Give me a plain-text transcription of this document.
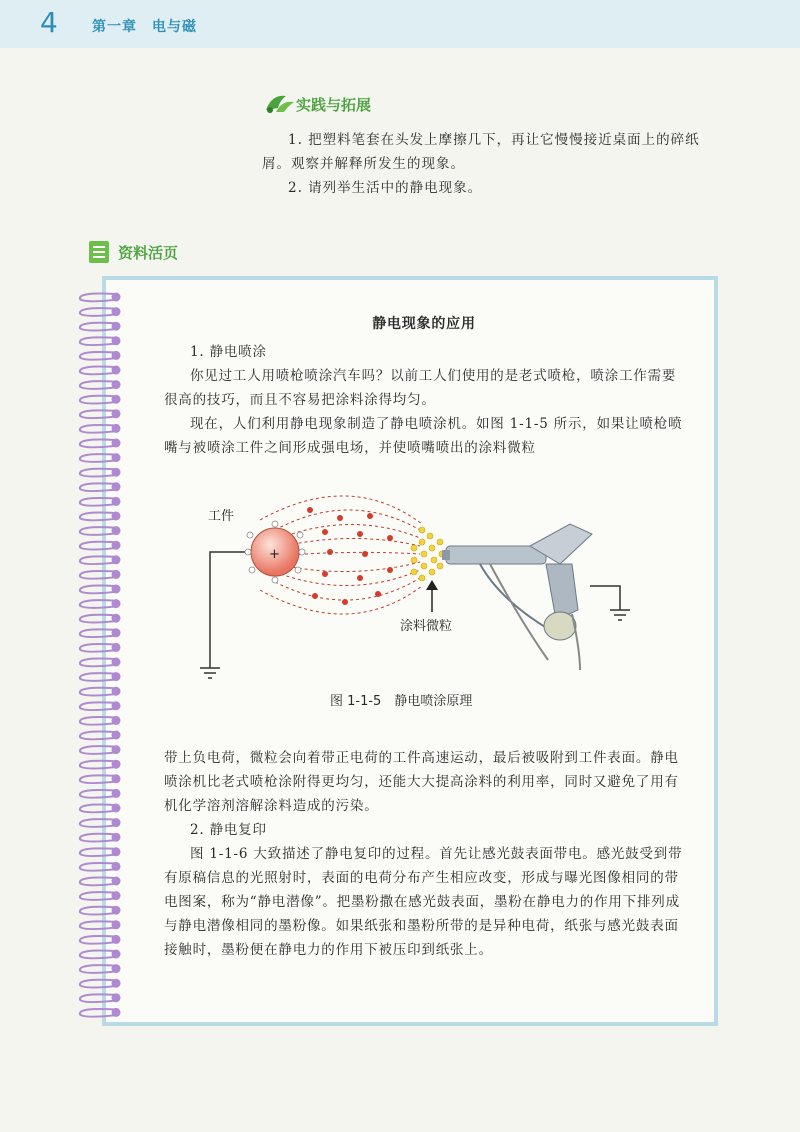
4 第一章　电与磁
实践与拓展

1. 把塑料笔套在头发上摩擦几下，再让它慢慢接近桌面上的碎纸屑。观察并解释所发生的现象。

2. 请列举生活中的静电现象。

资料活页
静电现象的应用

1. 静电喷涂

你见过工人用喷枪喷涂汽车吗？以前工人们使用的是老式喷枪，喷涂工作需要很高的技巧，而且不容易把涂料涂得均匀。

现在，人们利用静电现象制造了静电喷涂机。如图 1-1-5 所示，如果让喷枪喷嘴与被喷涂工件之间形成强电场，并使喷嘴喷出的涂料微粒

+
涂料微粒
工件
图 1-1-5　静电喷涂原理

带上负电荷，微粒会向着带正电荷的工件高速运动，最后被吸附到工件表面。静电喷涂机比老式喷枪涂附得更均匀，还能大大提高涂料的利用率，同时又避免了用有机化学溶剂溶解涂料造成的污染。

2. 静电复印

图 1-1-6 大致描述了静电复印的过程。首先让感光鼓表面带电。感光鼓受到带有原稿信息的光照射时，表面的电荷分布产生相应改变，形成与曝光图像相同的带电图案，称为“静电潜像”。把墨粉撒在感光鼓表面，墨粉在静电力的作用下排列成与静电潜像相同的墨粉像。如果纸张和墨粉所带的是异种电荷，纸张与感光鼓表面接触时，墨粉便在静电力的作用下被压印到纸张上。
